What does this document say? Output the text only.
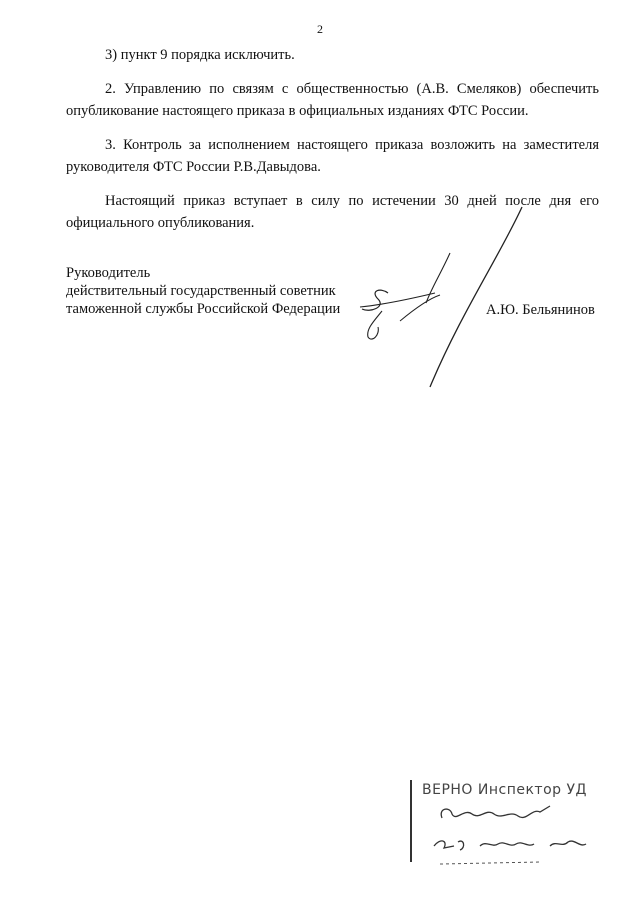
2

3) пункт 9 порядка исключить.

2. Управлению по связям с общественностью (А.В. Смеляков) обеспечить опубликование настоящего приказа в официальных изданиях ФТС России.

3. Контроль за исполнением настоящего приказа возложить на заместителя руководителя ФТС России Р.В.Давыдова.

Настоящий приказ вступает в силу по истечении 30 дней после дня его официального опубликования.

Руководитель
действительный государственный советник
таможенной службы Российской Федерации	А.Ю. Бельянинов
ВЕРНО Инспектор УД
